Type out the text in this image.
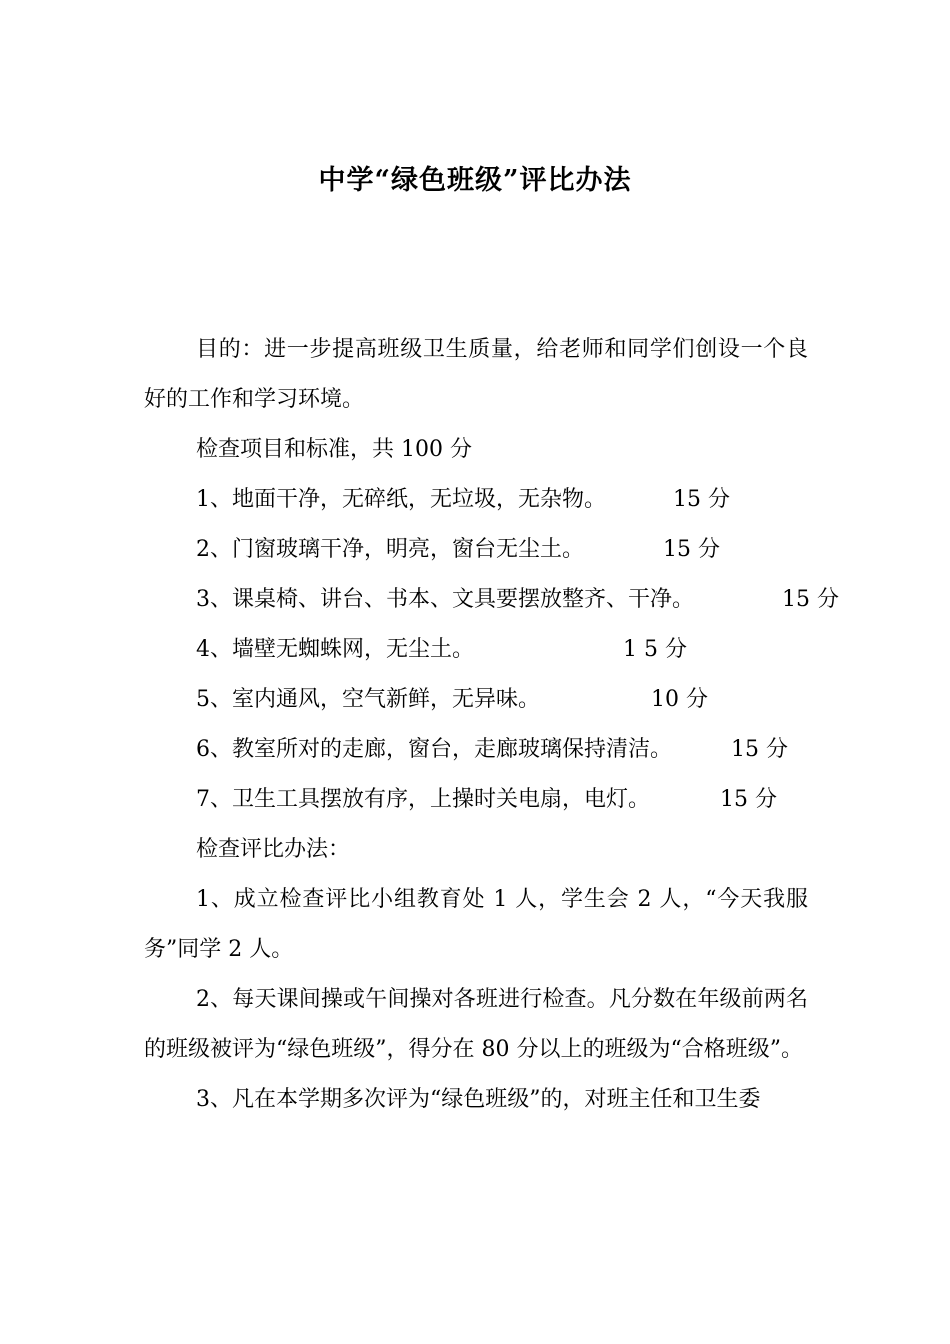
中学“绿色班级”评比办法

目的：进一步提高班级卫生质量，给老师和同学们创设一个良好的工作和学习环境。

检查项目和标准，共 100 分

1、地面干净，无碎纸，无垃圾，无杂物。	15 分

2、门窗玻璃干净，明亮，窗台无尘土。	15 分

3、课桌椅、讲台、书本、文具要摆放整齐、干净。	15 分

4、墙壁无蜘蛛网，无尘土。	1 5 分

5、室内通风，空气新鲜，无异味。	10 分

6、教室所对的走廊，窗台，走廊玻璃保持清洁。	15 分

7、卫生工具摆放有序，上操时关电扇，电灯。	15 分

检查评比办法：

1、成立检查评比小组教育处 1 人，学生会 2 人，“今天我服务”同学 2 人。

2、每天课间操或午间操对各班进行检查。凡分数在年级前两名的班级被评为“绿色班级”，得分在 80 分以上的班级为“合格班级”。

3、凡在本学期多次评为“绿色班级”的，对班主任和卫生委
